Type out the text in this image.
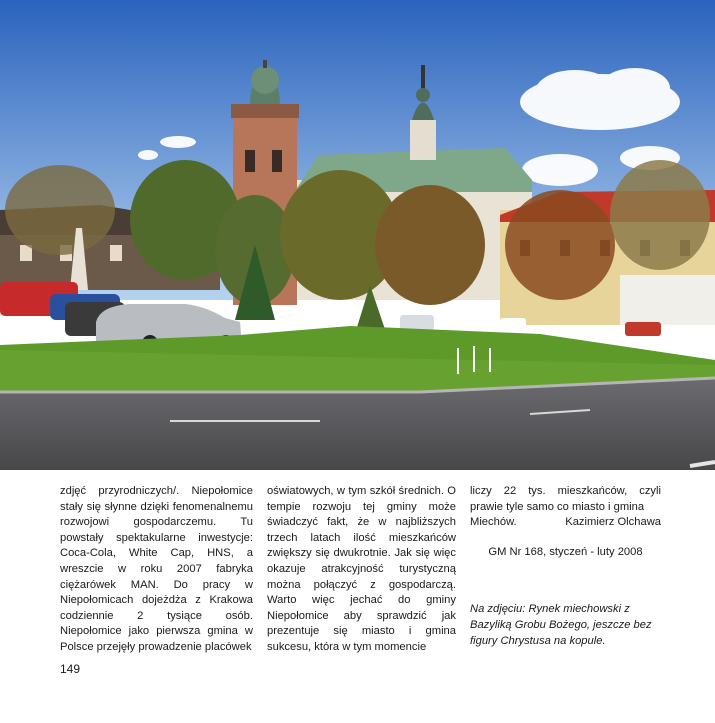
zdjęć przyrodniczych/. Niepołomice stały się słynne dzięki fenomenalnemu rozwojowi gospodarczemu. Tu powstały spektakularne inwestycje: Coca-Cola, White Cap, HNS, a wreszcie w roku 2007 fabryka ciężarówek MAN. Do pracy w Niepołomicach dojeżdża z Krakowa codziennie 2 tysiące osób. Niepołomice jako pierwsza gmina w Polsce przejęły prowadzenie placówek

oświatowych, w tym szkół średnich. O tempie rozwoju tej gminy może świadczyć fakt, że w najbliższych trzech latach ilość mieszkańców zwiększy się dwukrotnie. Jak się więc okazuje atrakcyjność turystyczną można połączyć z gospodarczą. Warto więc jechać do gminy Niepołomice aby sprawdzić jak prezentuje się miasto i gmina sukcesu, która w tym momencie

liczy 22 tys. mieszkańców, czyli prawie tyle samo co miasto i gmina

Miechów.	Kazimierz Olchawa

GM Nr 168, styczeń - luty 2008

Na zdjęciu: Rynek miechowski z Bazyliką Grobu Bożego, jeszcze bez figury Chrystusa na kopule.

149
